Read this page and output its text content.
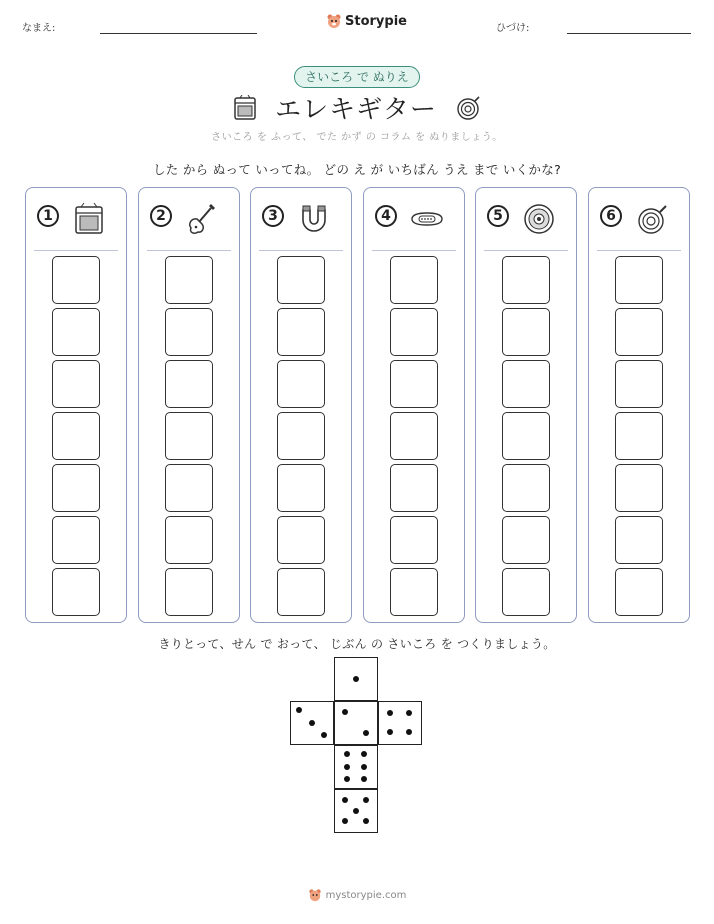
なまえ:	Storypie	ひづけ:
さいころ で ぬりえ
エレキギター
さいころ を ふって、 でた かず の コラム を ぬりましょう。
した から ぬって いってね。 どの え が いちばん うえ まで いくかな?
1	2	3	4	5	6
きりとって、せん で おって、 じぶん の さいころ を つくりましょう。
mystorypie.com
